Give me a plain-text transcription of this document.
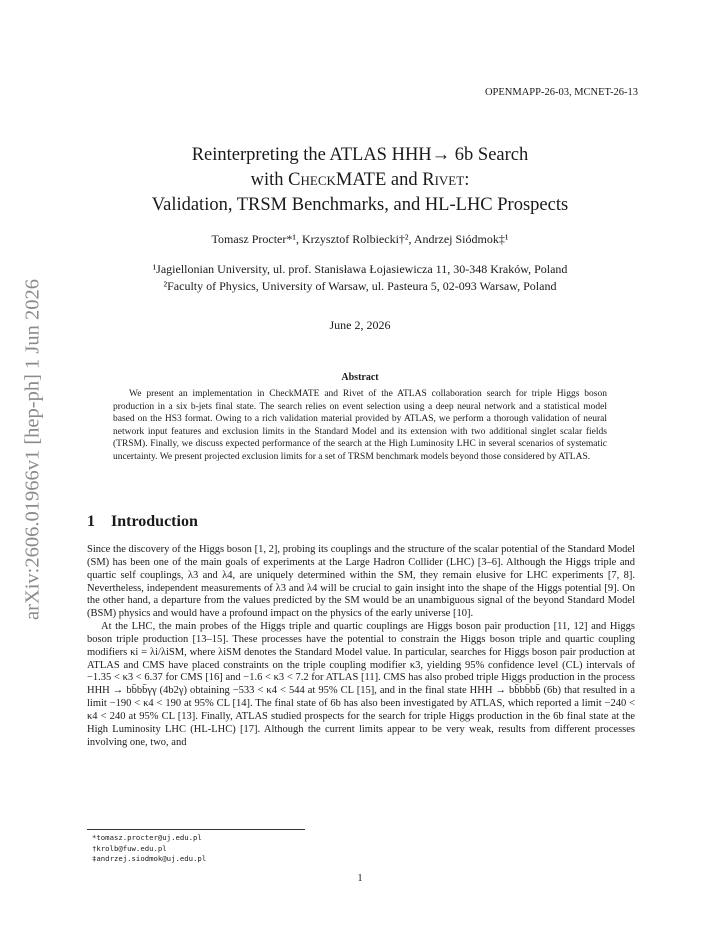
arXiv:2606.01966v1 [hep-ph] 1 Jun 2026
OPENMAPP-26-03, MCNET-26-13
Reinterpreting the ATLAS HHH→ 6b Search
with CheckMATE and Rivet:
Validation, TRSM Benchmarks, and HL-LHC Prospects
Tomasz Procter*¹, Krzysztof Rolbiecki†², Andrzej Siódmok‡¹
¹Jagiellonian University, ul. prof. Stanisława Łojasiewicza 11, 30-348 Kraków, Poland
²Faculty of Physics, University of Warsaw, ul. Pasteura 5, 02-093 Warsaw, Poland
June 2, 2026
Abstract
We present an implementation in CheckMATE and Rivet of the ATLAS collaboration search for triple Higgs boson production in a six b-jets final state. The search relies on event selection using a deep neural network and a statistical model based on the HS3 format. Owing to a rich validation material provided by ATLAS, we perform a thorough validation of neural network input features and exclusion limits in the Standard Model and its extension with two additional singlet scalar fields (TRSM). Finally, we discuss expected performance of the search at the High Luminosity LHC in several scenarios of systematic uncertainty. We present projected exclusion limits for a set of TRSM benchmark models beyond those considered by ATLAS.
1 Introduction

Since the discovery of the Higgs boson [1, 2], probing its couplings and the structure of the scalar potential of the Standard Model (SM) has been one of the main goals of experiments at the Large Hadron Collider (LHC) [3–6]. Although the Higgs triple and quartic self couplings, λ3 and λ4, are uniquely determined within the SM, they remain elusive for LHC experiments [7, 8]. Nevertheless, independent measurements of λ3 and λ4 will be crucial to gain insight into the shape of the Higgs potential [9]. On the other hand, a departure from the values predicted by the SM would be an unambiguous signal of the beyond Standard Model (BSM) physics and would have a profound impact on the physics of the early universe [10].

At the LHC, the main probes of the Higgs triple and quartic couplings are Higgs boson pair production [11, 12] and Higgs boson triple production [13–15]. These processes have the potential to constrain the Higgs boson triple and quartic coupling modifiers κi = λi/λiSM, where λiSM denotes the Standard Model value. In particular, searches for Higgs boson pair production at ATLAS and CMS have placed constraints on the triple coupling modifier κ3, yielding 95% confidence level (CL) intervals of −1.35 < κ3 < 6.37 for CMS [16] and −1.6 < κ3 < 7.2 for ATLAS [11]. CMS has also probed triple Higgs production in the process HHH → bb̄bb̄γγ (4b2γ) obtaining −533 < κ4 < 544 at 95% CL [15], and in the final state HHH → bb̄bb̄bb̄ (6b) that resulted in a limit −190 < κ4 < 190 at 95% CL [14]. The final state of 6b has also been investigated by ATLAS, which reported a limit −240 < κ4 < 240 at 95% CL [13]. Finally, ATLAS studied prospects for the search for triple Higgs production in the 6b final state at the High Luminosity LHC (HL-LHC) [17]. Although the current limits appear to be very weak, results from different processes involving one, two, and

*tomasz.procter@uj.edu.pl
†krolb@fuw.edu.pl
‡andrzej.siodmok@uj.edu.pl
1
